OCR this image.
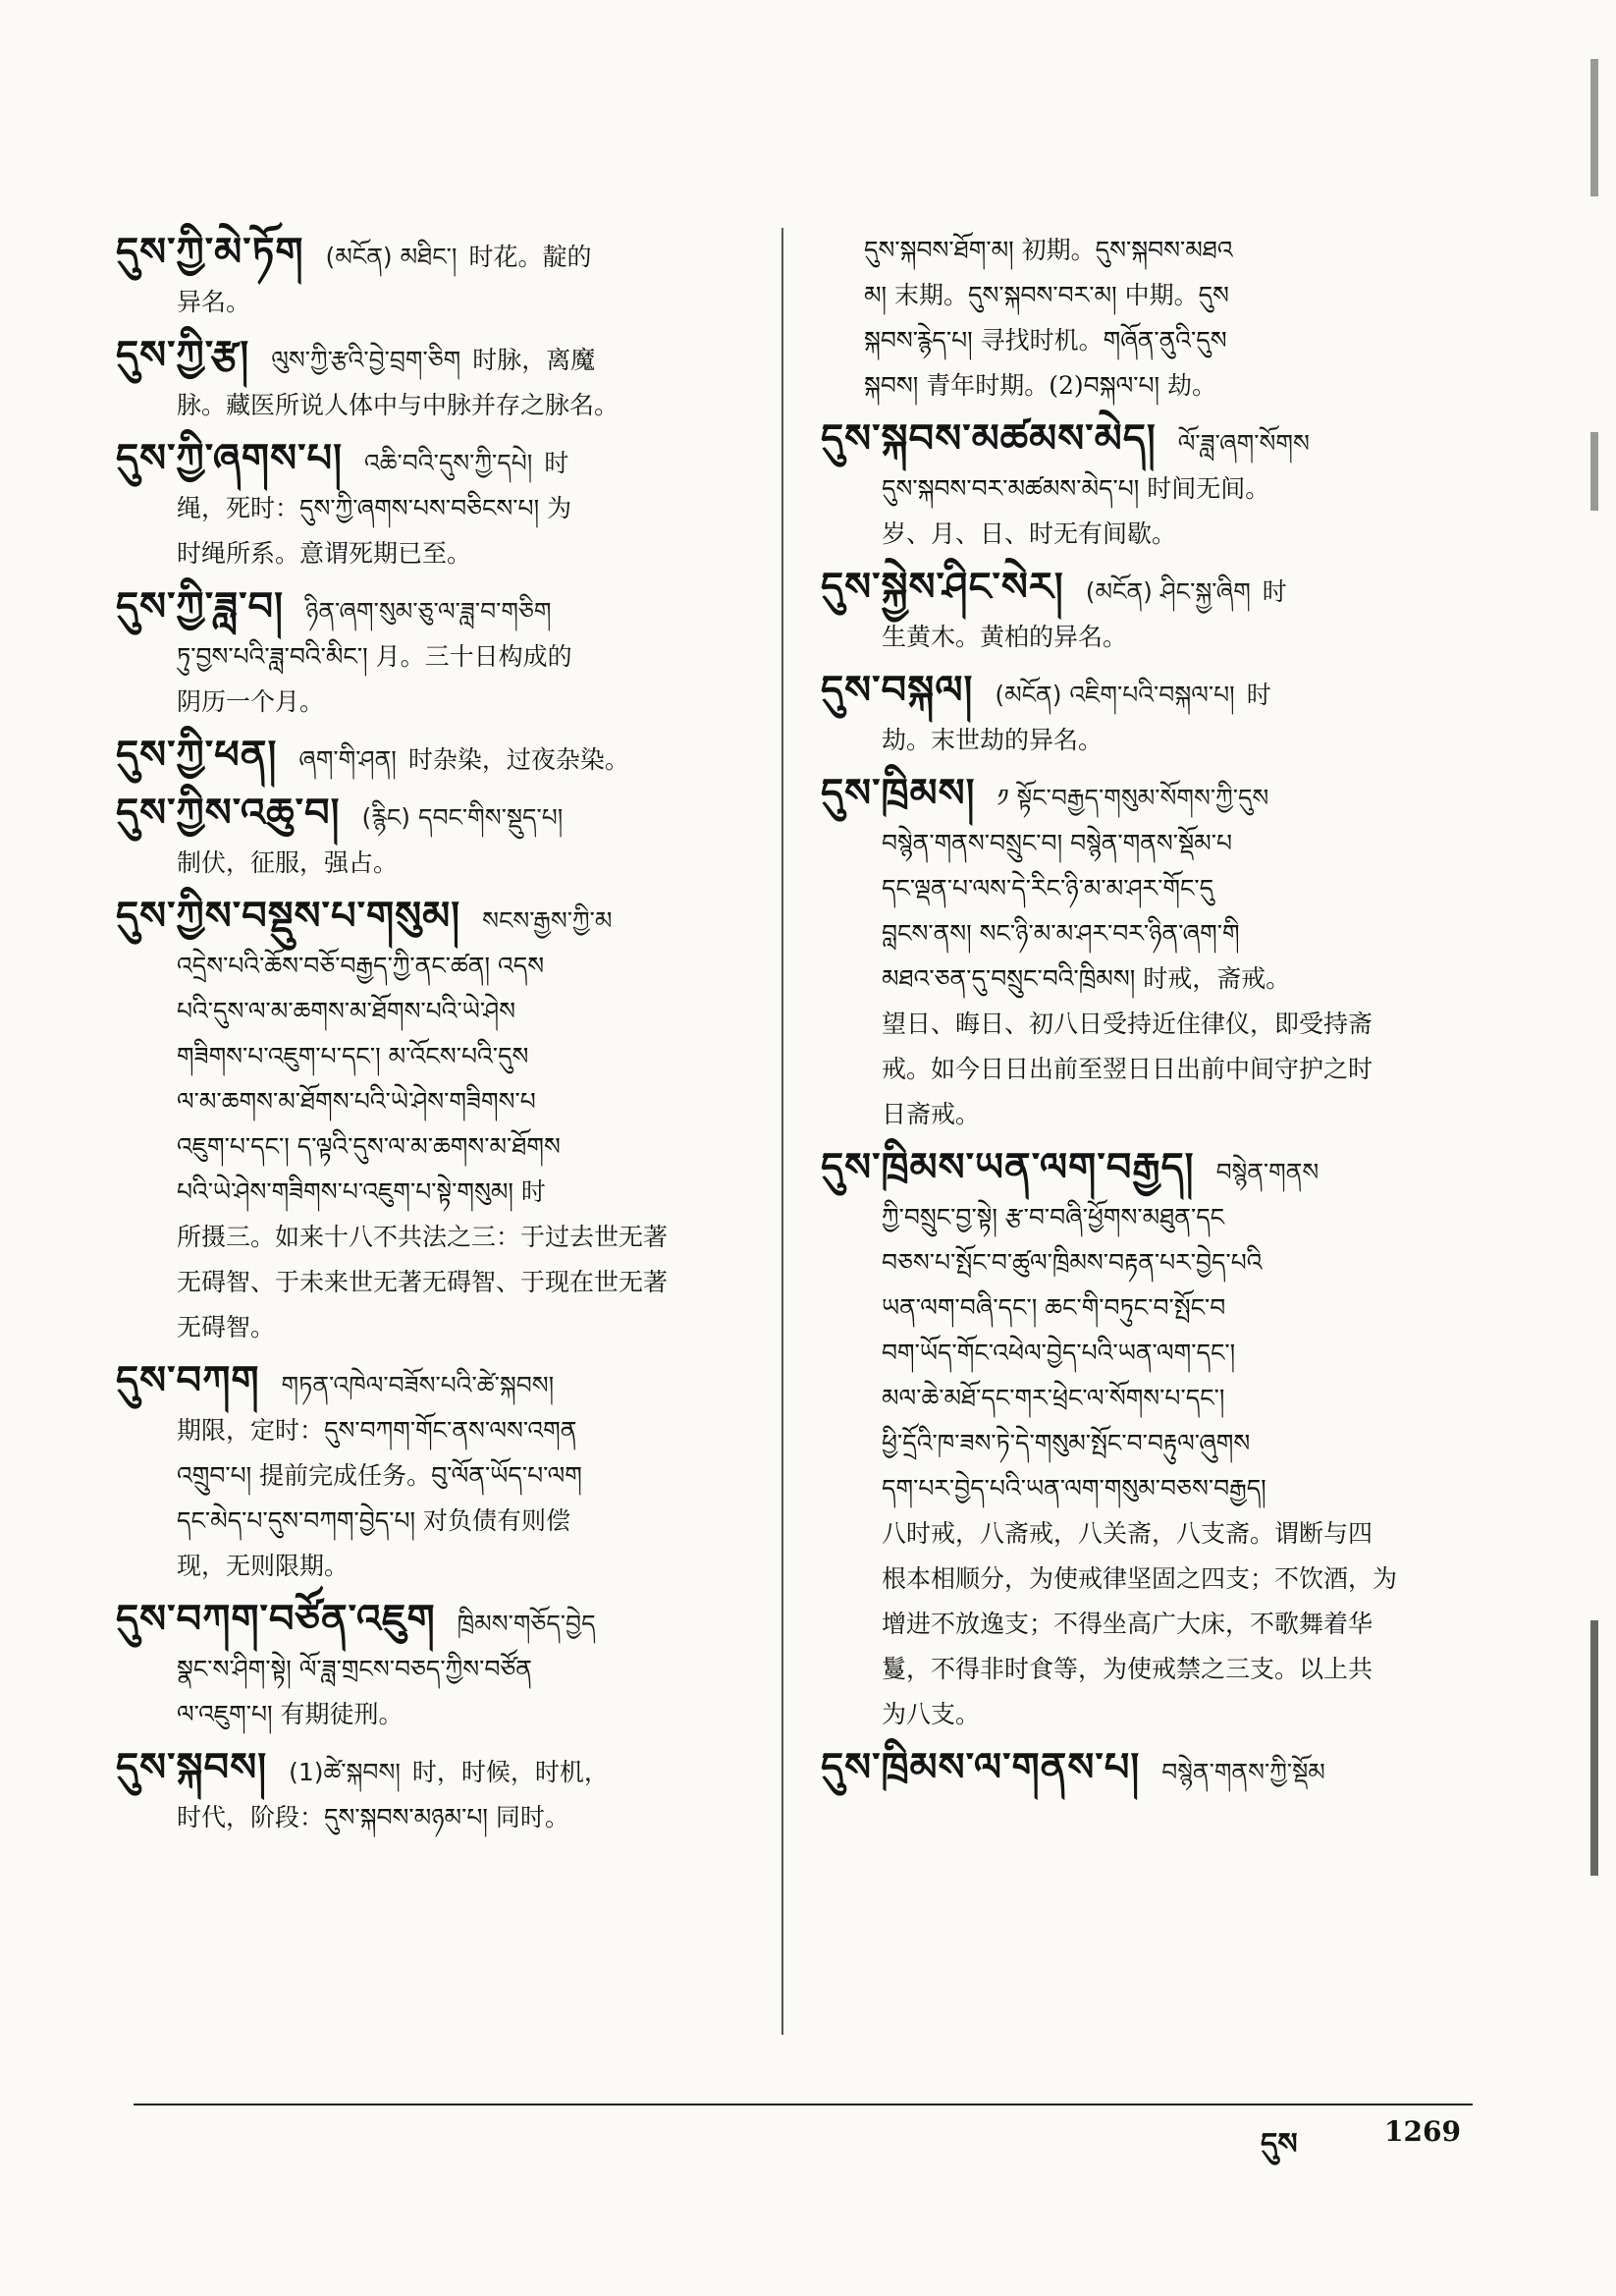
དུས་ཀྱི་མེ་ཏོག (མངོན) མཐིང་། 时花。靛的
异名。
དུས་ཀྱི་རྩ། ལུས་ཀྱི་རྩའི་བྱེ་བྲག་ཅིག 时脉，离魔
脉。藏医所说人体中与中脉并存之脉名。
དུས་ཀྱི་ཞགས་པ། འཆི་བའི་དུས་ཀྱི་དཔེ། 时
绳，死时：དུས་ཀྱི་ཞགས་པས་བཅིངས་པ། 为
时绳所系。意谓死期已至。
དུས་ཀྱི་ཟླ་བ། ཉིན་ཞག་སུམ་ཅུ་ལ་ཟླ་བ་གཅིག
ཏུ་བྱས་པའི་ཟླ་བའི་མིང་། 月。三十日构成的
阴历一个月。
དུས་ཀྱི་ཕན། ཞག་གི་ཤན། 时杂染，过夜杂染。
དུས་ཀྱིས་འཆུ་བ། (རྙིང) དབང་གིས་སྡུད་པ།
制伏，征服，强占。
དུས་ཀྱིས་བསྡུས་པ་གསུམ། སངས་རྒྱས་ཀྱི་མ
འདྲེས་པའི་ཆོས་བཅོ་བརྒྱད་ཀྱི་ནང་ཚན། འདས
པའི་དུས་ལ་མ་ཆགས་མ་ཐོགས་པའི་ཡེ་ཤེས
གཟིགས་པ་འཇུག་པ་དང་། མ་འོངས་པའི་དུས
ལ་མ་ཆགས་མ་ཐོགས་པའི་ཡེ་ཤེས་གཟིགས་པ
འཇུག་པ་དང་། ད་ལྟའི་དུས་ལ་མ་ཆགས་མ་ཐོགས
པའི་ཡེ་ཤེས་གཟིགས་པ་འཇུག་པ་སྟེ་གསུམ། 时
所摄三。如来十八不共法之三：于过去世无著
无碍智、于未来世无著无碍智、于现在世无著
无碍智。
དུས་བཀག གཏན་འཁེལ་བཟོས་པའི་ཚེ་སྐབས།
期限，定时：དུས་བཀག་གོང་ནས་ལས་འགན
འགྲུབ་པ། 提前完成任务。བུ་ལོན་ཡོད་པ་ལག
དང་མེད་པ་དུས་བཀག་བྱེད་པ། 对负债有则偿
现，无则限期。
དུས་བཀག་བཙོན་འཇུག ཁྲིམས་གཅོད་བྱེད
སྣང་ས་ཤིག་སྟེ། ལོ་ཟླ་གྲངས་བཅད་ཀྱིས་བཙོན
ལ་འཇུག་པ། 有期徒刑。
དུས་སྐབས། (1)ཚེ་སྐབས། 时，时候，时机，
时代，阶段：དུས་སྐབས་མཉམ་པ། 同时。
དུས་སྐབས་ཐོག་མ། 初期。དུས་སྐབས་མཐའ
མ། 末期。དུས་སྐབས་བར་མ། 中期。དུས
སྐབས་རྙེད་པ། 寻找时机。གཞོན་ནུའི་དུས
སྐབས། 青年时期。(2)བསྐལ་པ། 劫。
དུས་སྐབས་མཚམས་མེད། ལོ་ཟླ་ཞག་སོགས
དུས་སྐབས་བར་མཚམས་མེད་པ། 时间无间。
岁、月、日、时无有间歇。
དུས་སྐྱེས་ཤིང་སེར། (མངོན) ཤིང་སྐྱ་ཞིག 时
生黄木。黄柏的异名。
དུས་བསྐལ། (མངོན) འཇིག་པའི་བསྐལ་པ། 时
劫。末世劫的异名。
དུས་ཁྲིམས། ༡ སྟོང་བརྒྱད་གསུམ་སོགས་ཀྱི་དུས
བསྙེན་གནས་བསྲུང་བ། བསྙེན་གནས་སྡོམ་པ
དང་ལྡན་པ་ལས་དེ་རིང་ཉི་མ་མ་ཤར་གོང་དུ
བླངས་ནས། སང་ཉི་མ་མ་ཤར་བར་ཉིན་ཞག་གི
མཐའ་ཅན་དུ་བསྲུང་བའི་ཁྲིམས། 时戒，斋戒。
望日、晦日、初八日受持近住律仪，即受持斋
戒。如今日日出前至翌日日出前中间守护之时
日斋戒。
དུས་ཁྲིམས་ཡན་ལག་བརྒྱད། བསྙེན་གནས
ཀྱི་བསྲུང་བྱ་སྟེ། རྩ་བ་བཞི་ཕྱོགས་མཐུན་དང
བཅས་པ་སྤོང་བ་ཚུལ་ཁྲིམས་བརྟན་པར་བྱེད་པའི
ཡན་ལག་བཞི་དང་། ཆང་གི་བཏུང་བ་སྤོང་བ
བག་ཡོད་གོང་འཕེལ་བྱེད་པའི་ཡན་ལག་དང་།
མལ་ཆེ་མཐོ་དང་གར་ཕྲེང་ལ་སོགས་པ་དང་།
ཕྱི་དྲོའི་ཁ་ཟས་ཏེ་དེ་གསུམ་སྤོང་བ་བརྟུལ་ཞུགས
དག་པར་བྱེད་པའི་ཡན་ལག་གསུམ་བཅས་བརྒྱད།
八时戒，八斋戒，八关斋，八支斋。谓断与四
根本相顺分，为使戒律坚固之四支；不饮酒，为
增进不放逸支；不得坐高广大床，不歌舞着华
鬘，不得非时食等，为使戒禁之三支。以上共
为八支。
དུས་ཁྲིམས་ལ་གནས་པ། བསྙེན་གནས་ཀྱི་སྡོམ
དུས	1269
